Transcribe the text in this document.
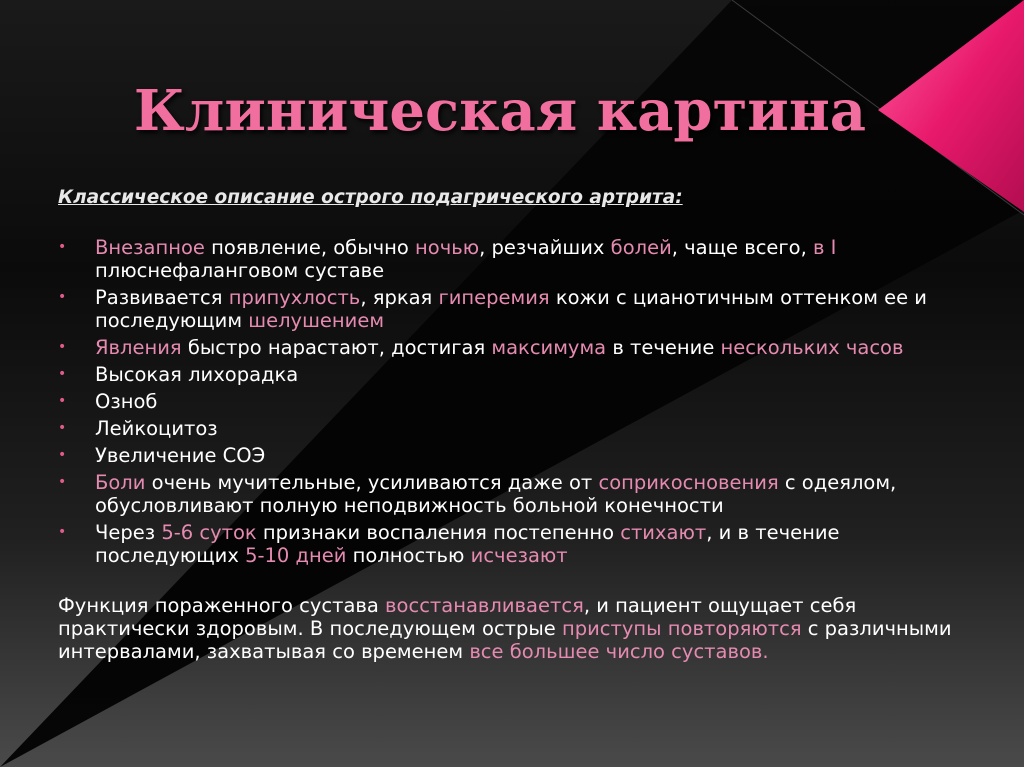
Клиническая картина

Классическое описание острого подагрического артрита:

• Внезапное появление, обычно ночью, резчайших болей, чаще всего, в I плюснефаланговом суставе
• Развивается припухлость, яркая гиперемия кожи с цианотичным оттенком ее и последующим шелушением
• Явления быстро нарастают, достигая максимума в течение нескольких часов
• Высокая лихорадка
• Озноб
• Лейкоцитоз
• Увеличение СОЭ
• Боли очень мучительные, усиливаются даже от соприкосновения с одеялом, обусловливают полную неподвижность больной конечности
• Через 5-6 суток признаки воспаления постепенно стихают, и в течение последующих 5-10 дней полностью исчезают

Функция пораженного сустава восстанавливается, и пациент ощущает себя практически здоровым. В последующем острые приступы повторяются с различными интервалами, захватывая со временем все большее число суставов.
